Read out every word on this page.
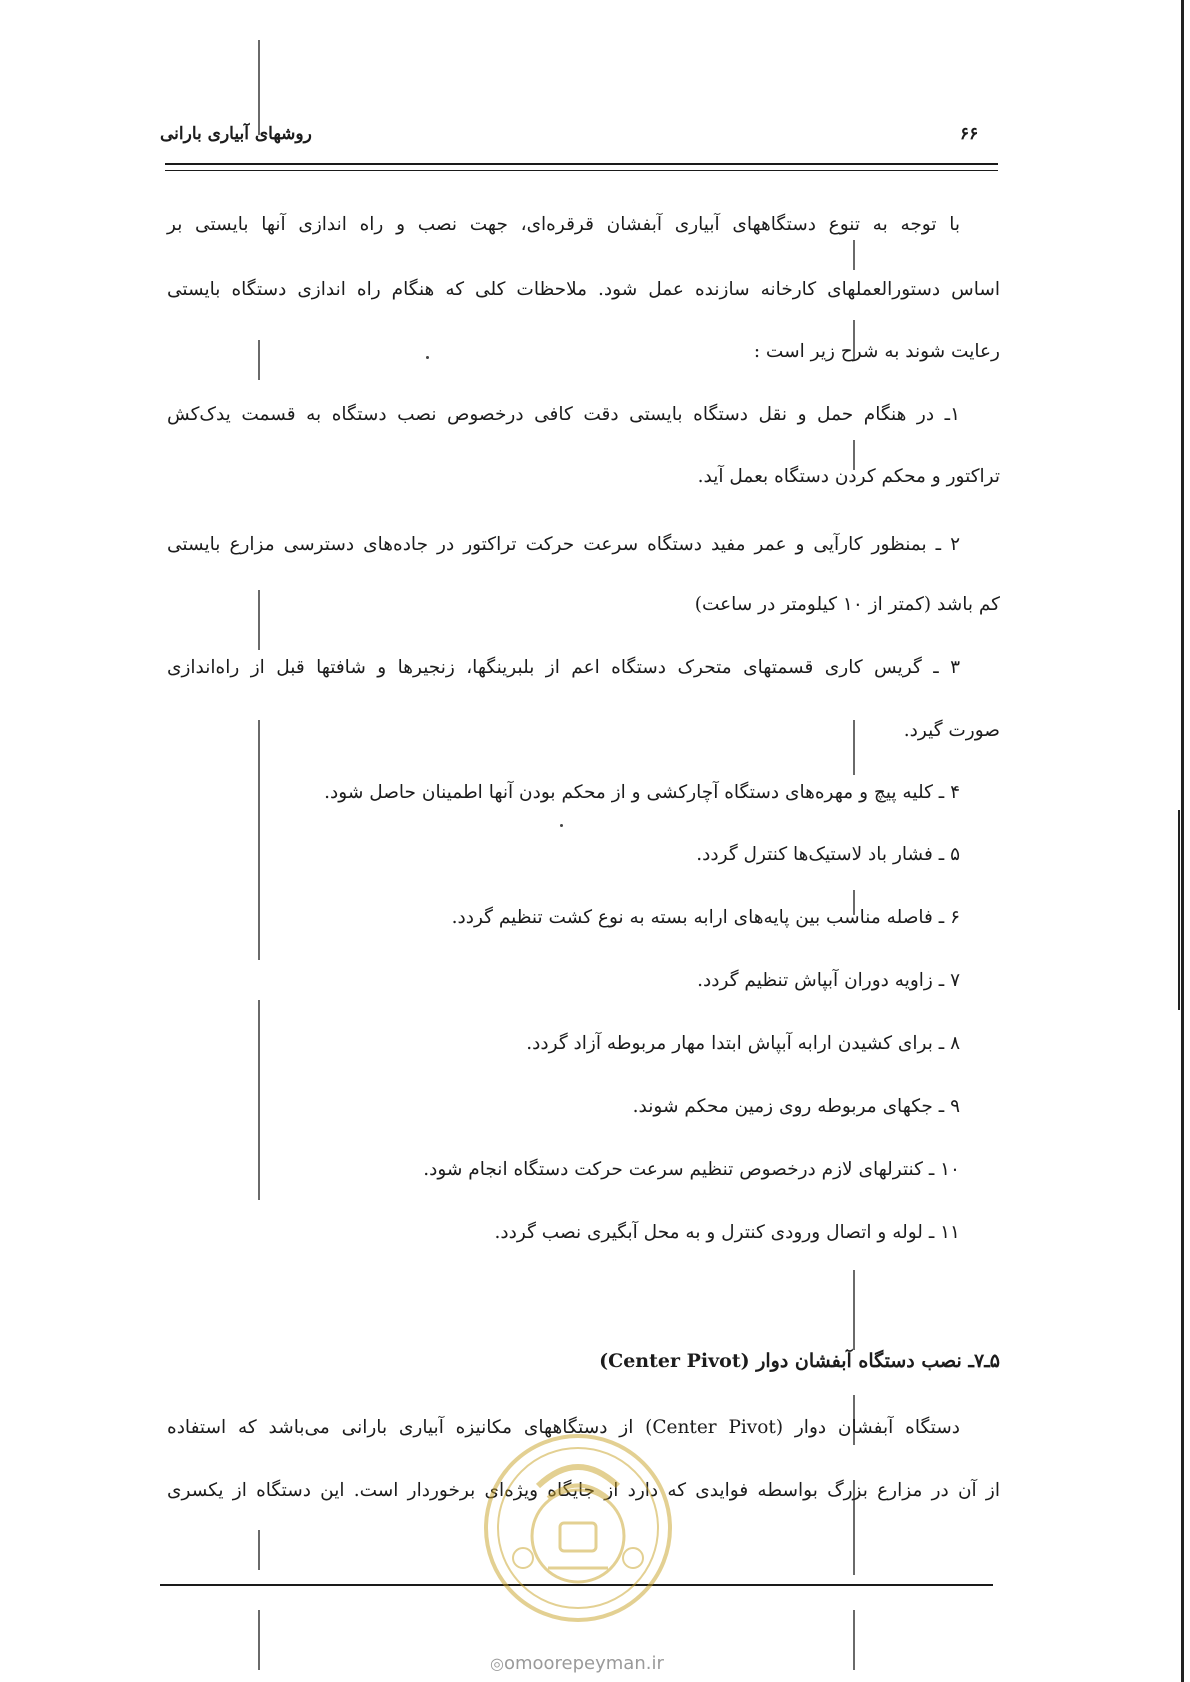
روشهای آبیاری بارانی	۶۶
با توجه به تنوع دستگاههای آبیاری آبفشان قرقره‌ای، جهت نصب و راه اندازی آنها بایستی بر
اساس دستورالعملهای کارخانه سازنده عمل شود. ملاحظات کلی که هنگام راه اندازی دستگاه بایستی
رعایت شوند به شرح زیر است :
۱ـ در هنگام حمل و نقل دستگاه بایستی دقت کافی درخصوص نصب دستگاه به قسمت یدک‌کش
تراکتور و محکم کردن دستگاه بعمل آید.
۲ ـ بمنظور کارآیی و عمر مفید دستگاه سرعت حرکت تراکتور در جاده‌های دسترسی مزارع بایستی
کم باشد (کمتر از ۱۰ کیلومتر در ساعت)
۳ ـ گریس کاری قسمتهای متحرک دستگاه اعم از بلبرینگها، زنجیرها و شافتها قبل از راه‌اندازی
صورت گیرد.
۴ ـ کلیه پیچ و مهره‌های دستگاه آچارکشی و از محکم بودن آنها اطمینان حاصل شود.
۵ ـ فشار باد لاستیک‌ها کنترل گردد.
۶ ـ فاصله مناسب بین پایه‌های ارابه بسته به نوع کشت تنظیم گردد.
۷ ـ زاویه دوران آبپاش تنظیم گردد.
۸ ـ برای کشیدن ارابه آبپاش ابتدا مهار مربوطه آزاد گردد.
۹ ـ جکهای مربوطه روی زمین محکم شوند.
۱۰ ـ کنترلهای لازم درخصوص تنظیم سرعت حرکت دستگاه انجام شود.
۱۱ ـ لوله و اتصال ورودی کنترل و به محل آبگیری نصب گردد.
۵ـ۷ـ نصب دستگاه آبفشان دوار (Center Pivot)
دستگاه آبفشان دوار (Center Pivot) از دستگاههای مکانیزه آبیاری بارانی می‌باشد که استفاده
از آن در مزارع بزرگ بواسطه فوایدی که دارد از جایگاه ویژه‌ای برخوردار است. این دستگاه از یکسری
◎omoorepeyman.ir
